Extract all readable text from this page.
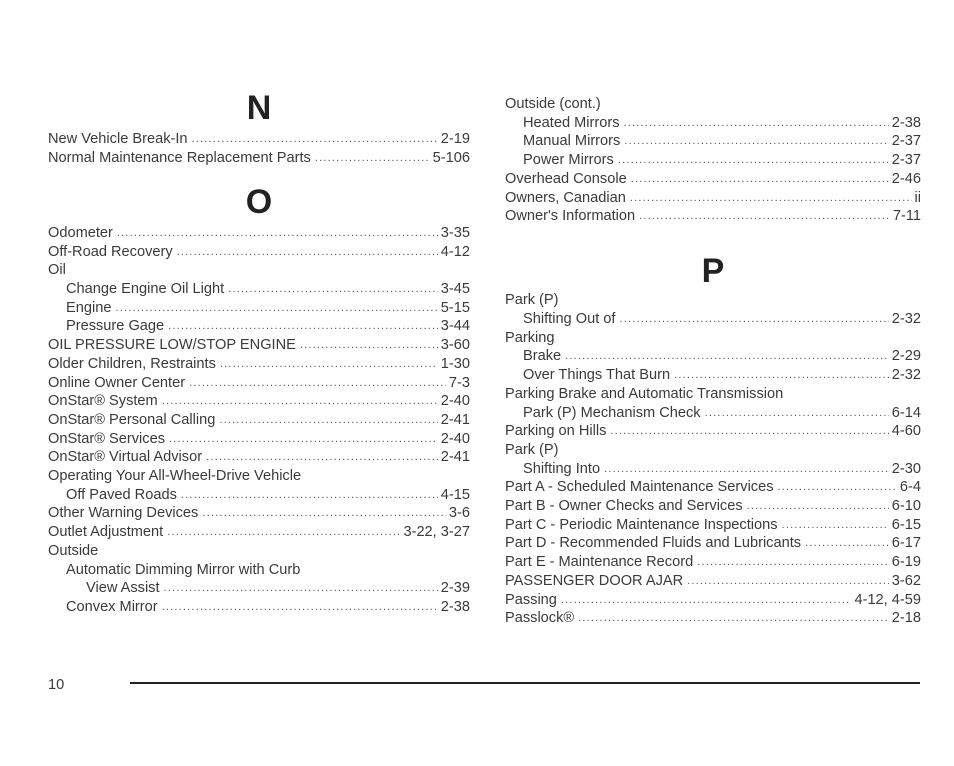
N
New Vehicle Break-In .....	2-19
Normal Maintenance Replacement Parts .....	5-106
O
Odometer .....	3-35
Off-Road Recovery .....	4-12
Oil
Change Engine Oil Light .....	3-45
Engine .....	5-15
Pressure Gage .....	3-44
OIL PRESSURE LOW/STOP ENGINE .....	3-60
Older Children, Restraints .....	1-30
Online Owner Center .....	7-3
OnStar® System .....	2-40
OnStar® Personal Calling .....	2-41
OnStar® Services .....	2-40
OnStar® Virtual Advisor .....	2-41
Operating Your All-Wheel-Drive Vehicle
Off Paved Roads .....	4-15
Other Warning Devices .....	3-6
Outlet Adjustment .....	3-22, 3-27
Outside
Automatic Dimming Mirror with Curb
View Assist .....	2-39
Convex Mirror .....	2-38
Outside (cont.)
Heated Mirrors .....	2-38
Manual Mirrors .....	2-37
Power Mirrors .....	2-37
Overhead Console .....	2-46
Owners, Canadian .....	ii
Owner's Information .....	7-11
P
Park (P)
Shifting Out of .....	2-32
Parking
Brake .....	2-29
Over Things That Burn .....	2-32
Parking Brake and Automatic Transmission
Park (P) Mechanism Check .....	6-14
Parking on Hills .....	4-60
Park (P)
Shifting Into .....	2-30
Part A - Scheduled Maintenance Services .....	6-4
Part B - Owner Checks and Services .....	6-10
Part C - Periodic Maintenance Inspections .....	6-15
Part D - Recommended Fluids and Lubricants .....	6-17
Part E - Maintenance Record .....	6-19
PASSENGER DOOR AJAR .....	3-62
Passing .....	4-12, 4-59
Passlock® .....	2-18
10
